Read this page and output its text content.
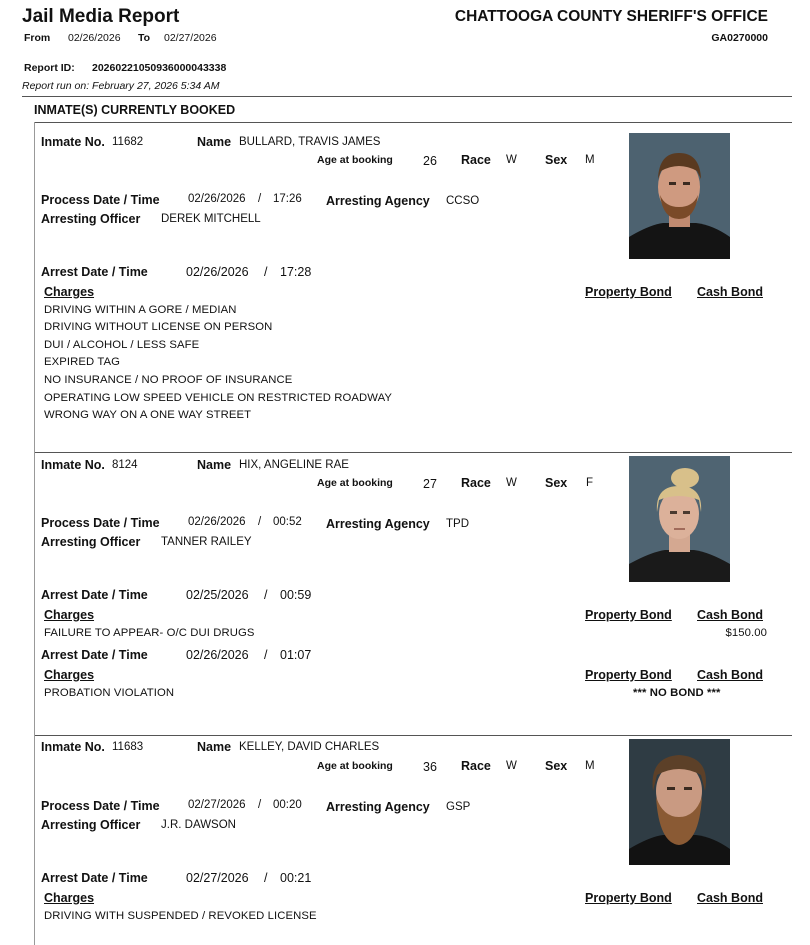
Jail Media Report	CHATTOOGA COUNTY SHERIFF'S OFFICE
GA0270000
From 02/26/2026 To 02/27/2026
Report ID: 20260221050936000043338
Report run on: February 27, 2026 5:34 AM
INMATE(S) CURRENTLY BOOKED
Inmate No. 11682	Name BULLARD, TRAVIS JAMES
Age at booking 26 Race W Sex M
Process Date / Time 02/26/2026 / 17:26 Arresting Agency CCSO
Arresting Officer DEREK MITCHELL
Arrest Date / Time	02/26/2026 / 17:28
Charges	Property Bond Cash Bond
DRIVING WITHIN A GORE / MEDIAN
DRIVING WITHOUT LICENSE ON PERSON
DUI / ALCOHOL / LESS SAFE
EXPIRED TAG
NO INSURANCE / NO PROOF OF INSURANCE
OPERATING LOW SPEED VEHICLE ON RESTRICTED ROADWAY
WRONG WAY ON A ONE WAY STREET
Inmate No. 8124	Name HIX, ANGELINE RAE
Age at booking 27 Race W Sex F
Process Date / Time 02/26/2026 / 00:52 Arresting Agency TPD
Arresting Officer TANNER RAILEY
Arrest Date / Time	02/25/2026 / 00:59
Charges	Property Bond Cash Bond
FAILURE TO APPEAR- O/C DUI DRUGS	$150.00
Arrest Date / Time	02/26/2026 / 01:07
Charges	Property Bond Cash Bond
PROBATION VIOLATION	*** NO BOND ***
Inmate No. 11683	Name KELLEY, DAVID CHARLES
Age at booking 36 Race W Sex M
Process Date / Time 02/27/2026 / 00:20 Arresting Agency GSP
Arresting Officer J.R. DAWSON
Arrest Date / Time	02/27/2026 / 00:21
Charges	Property Bond Cash Bond
DRIVING WITH SUSPENDED / REVOKED LICENSE
